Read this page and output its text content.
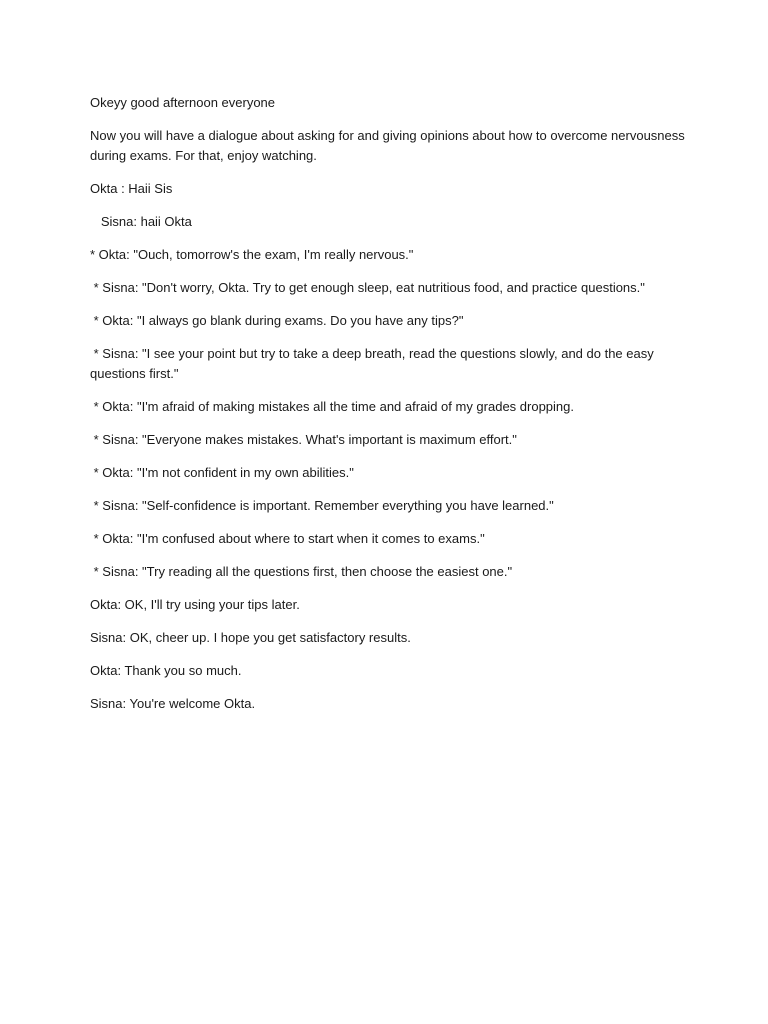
Okeyy good afternoon everyone

Now you will have a dialogue about asking for and giving opinions about how to overcome nervousness during exams. For that, enjoy watching.

Okta : Haii Sis

Sisna: haii Okta

* Okta: "Ouch, tomorrow's the exam, I'm really nervous."

* Sisna: "Don't worry, Okta. Try to get enough sleep, eat nutritious food, and practice questions."

* Okta: "I always go blank during exams. Do you have any tips?"

* Sisna: "I see your point but try to take a deep breath, read the questions slowly, and do the easy questions first."

* Okta: "I'm afraid of making mistakes all the time and afraid of my grades dropping.

* Sisna: "Everyone makes mistakes. What's important is maximum effort."

* Okta: "I'm not confident in my own abilities."

* Sisna: "Self-confidence is important. Remember everything you have learned."

* Okta: "I'm confused about where to start when it comes to exams."

* Sisna: "Try reading all the questions first, then choose the easiest one."

Okta: OK, I'll try using your tips later.

Sisna: OK, cheer up. I hope you get satisfactory results.

Okta: Thank you so much.

Sisna: You're welcome Okta.
